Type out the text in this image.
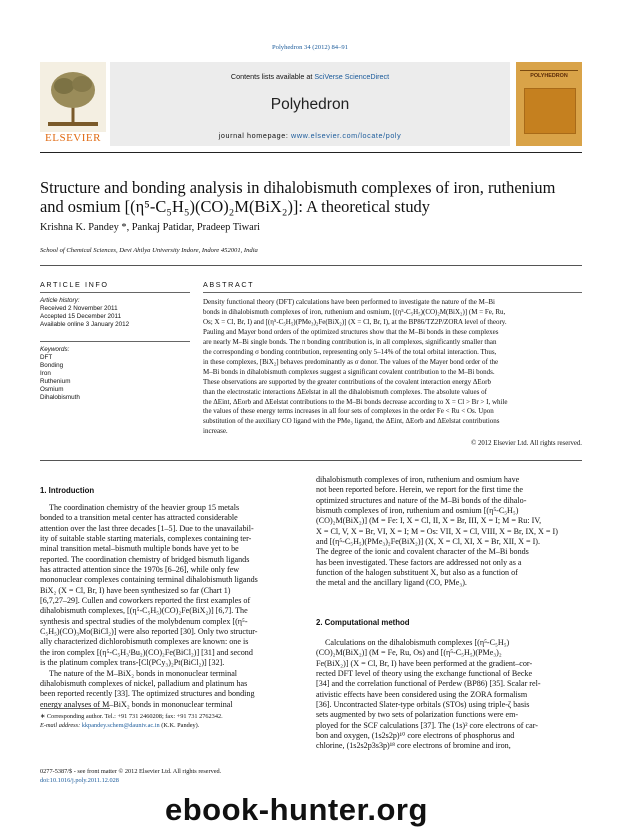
Polyhedron 34 (2012) 84–91
ELSEVIER
Contents lists available at SciVerse ScienceDirect
Polyhedron
journal homepage: www.elsevier.com/locate/poly
POLYHEDRON
Structure and bonding analysis in dihalobismuth complexes of iron, ruthenium
and osmium [(η⁵-C₅H₅)(CO)₂M(BiX₂)]: A theoretical study
Krishna K. Pandey *, Pankaj Patidar, Pradeep Tiwari
School of Chemical Sciences, Devi Ahilya University Indore, Indore 452001, India
ARTICLE INFO
Article history:
Received 2 November 2011
Accepted 15 December 2011
Available online 3 January 2012
Keywords:
DFT
Bonding
Iron
Ruthenium
Osmium
Dihalobismuth
ABSTRACT
Density functional theory (DFT) calculations have been performed to investigate the nature of the M–Bi
bonds in dihalobismuth complexes of iron, ruthenium and osmium, [(η⁵-C₅H₅)(CO)₂M(BiX₂)] (M = Fe, Ru,
Os; X = Cl, Br, I) and [(η⁵-C₅H₅)(PMe₃)₂Fe(BiX₂)] (X = Cl, Br, I), at the BP86/TZ2P/ZORA level of theory.
Pauling and Mayer bond orders of the optimized structures show that the M–Bi bonds in these complexes
are nearly M–Bi single bonds. The π bonding contribution is, in all complexes, significantly smaller than
the corresponding σ bonding contribution, representing only 5–14% of the total orbital interaction. Thus,
in these complexes, [BiX₂] behaves predominantly as σ donor. The values of the Mayer bond order of the
M–Bi bonds in dihalobismuth complexes suggest a significant covalent contribution to the M–Bi bonds.
These observations are supported by the greater contributions of the covalent interaction energy ΔEorb
than the electrostatic interactions ΔEelstat in all the dihalobismuth complexes. The absolute values of
the ΔEint, ΔEorb and ΔEelstat contributions to the M–Bi bonds decrease according to X = Cl > Br > I, while
the values of these energy terms increases in all four sets of complexes in the order Fe < Ru < Os. Upon
substitution of the auxiliary CO ligand with the PMe₃ ligand, the ΔEint, ΔEorb and ΔEelstat contributions
increase.
© 2012 Elsevier Ltd. All rights reserved.
1. Introduction
The coordination chemistry of the heavier group 15 metals
bonded to a transition metal center has attracted considerable
attention over the last three decades [1–5]. Due to the unavailabil-
ity of suitable stable starting materials, complexes containing ter-
minal transition metal–bismuth multiple bonds have yet to be
reported. The coordination chemistry of bridged bismuth ligands
has attracted attention since the 1970s [6–26], while only few
mononuclear complexes containing terminal dihalobismuth ligands
BiX₂ (X = Cl, Br, I) have been synthesized so far (Chart 1)
[6,7,27–29]. Cullen and coworkers reported the first examples of
dihalobismuth complexes, [(η⁵-C₅H₅)(CO)₂Fe(BiX₂)] [6,7]. The
synthesis and spectral studies of the molybdenum complex [(η⁵-
C₅H₅)(CO)₃Mo(BiCl₂)] were also reported [30]. Only two structur-
ally characterized dichlorobismuth complexes are known: one is
the iron complex [(η⁵-C₅H₃ᵗBu₂)(CO)₂Fe(BiCl₂)] [31] and second
is the platinum complex trans-[Cl(PCy₃)₂Pt(BiCl₂)] [32].
The nature of the M–BiX₂ bonds in mononuclear terminal
dihalobismuth complexes of nickel, palladium and platinum has
been reported recently [33]. The optimized structures and bonding
energy analyses of M–BiX₂ bonds in mononuclear terminal
dihalobismuth complexes of iron, ruthenium and osmium have
not been reported before. Herein, we report for the first time the
optimized structures and nature of the M–Bi bonds of the dihalo-
bismuth complexes of iron, ruthenium and osmium [(η⁵-C₅H₅)
(CO)₂M(BiX₂)] (M = Fe: I, X = Cl, II, X = Br, III, X = I; M = Ru: IV,
X = Cl, V, X = Br, VI, X = I; M = Os: VII, X = Cl, VIII, X = Br, IX, X = I)
and [(η⁵-C₅H₅)(PMe₃)₂Fe(BiX₂)] (X, X = Cl, XI, X = Br, XII, X = I).
The degree of the ionic and covalent character of the M–Bi bonds
has been investigated. These factors are addressed not only as a
function of the halogen substituent X, but also as a function of
the metal and the ancillary ligand (CO, PMe₃).
2. Computational method
Calculations on the dihalobismuth complexes [(η⁵-C₅H₅)
(CO)₂M(BiX₂)] (M = Fe, Ru, Os) and [(η⁵-C₅H₅)(PMe₃)₂
Fe(BiX₂)] (X = Cl, Br, I) have been performed at the gradient–cor-
rected DFT level of theory using the exchange functional of Becke
[34] and the correlation functional of Perdew (BP86) [35]. Scalar rel-
ativistic effects have been considered using the ZORA formalism
[36]. Uncontracted Slater-type orbitals (STOs) using triple-ζ basis
sets augmented by two sets of polarization functions were em-
ployed for the SCF calculations [37]. The (1s)² core electrons of car-
bon and oxygen, (1s2s2p)¹⁰ core electrons of phosphorus and
chlorine, (1s2s2p3s3p)¹⁸ core electrons of bromine and iron,
∗ Corresponding author. Tel.: +91 731 2460208; fax: +91 731 2762342.
E-mail address: kkpandey.schem@dauniv.ac.in (K.K. Pandey).
0277-5387/$ - see front matter © 2012 Elsevier Ltd. All rights reserved.
doi:10.1016/j.poly.2011.12.028
ebook-hunter.org
